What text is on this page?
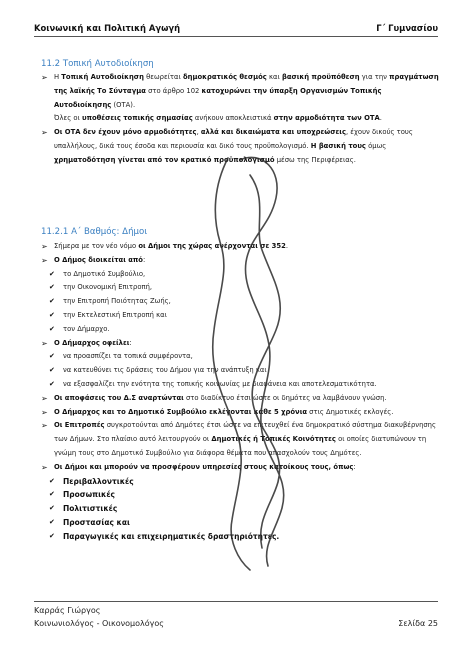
Κοινωνική και Πολιτική Αγωγή	Γ΄ Γυμνασίου
11.2 Τοπική Αυτοδιοίκηση

➢ Η Τοπική Αυτοδιοίκηση θεωρείται δημοκρατικός θεσμός και βασική προϋπόθεση για την πραγμάτωση της λαϊκής Το Σύνταγμα στο άρθρο 102 κατοχυρώνει την ύπαρξη Οργανισμών Τοπικής Αυτοδιοίκησης (ΟΤΑ).

Όλες οι υποθέσεις τοπικής σημασίας ανήκουν αποκλειστικά στην αρμοδιότητα των ΟΤΑ.

➢ Οι ΟΤΑ δεν έχουν μόνο αρμοδιότητες, αλλά και δικαιώματα και υποχρεώσεις, έχουν δικούς τους υπαλλήλους, δικά τους έσοδα και περιουσία και δικό τους προϋπολογισμό. Η βασική τους όμως χρηματοδότηση γίνεται από τον κρατικό προϋπολογισμό μέσω της Περιφέρειας.

11.2.1 Α΄ Βαθμός: Δήμοι

➢ Σήμερα με τον νέο νόμο οι Δήμοι της χώρας ανέρχονται σε 352.

➢ Ο Δήμος διοικείται από:

✔ το Δημοτικό Συμβούλιο,

✔ την Οικονομική Επιτροπή,

✔ την Επιτροπή Ποιότητας Ζωής,

✔ την Εκτελεστική Επιτροπή και

✔ τον Δήμαρχο.

➢ Ο Δήμαρχος οφείλει:

✔ να προασπίζει τα τοπικά συμφέροντα,

✔ να κατευθύνει τις δράσεις του Δήμου για την ανάπτυξη και

✔ να εξασφαλίζει την ενότητα της τοπικής κοινωνίας με διαφάνεια και αποτελεσματικότητα.

➢ Οι αποφάσεις του Δ.Σ αναρτώνται στο διαδίκτυο έτσι ώστε οι δημότες να λαμβάνουν γνώση.

➢ Ο Δήμαρχος και το Δημοτικό Συμβούλιο εκλέγονται κάθε 5 χρόνια στις Δημοτικές εκλογές.

➢ Οι Επιτροπές συγκροτούνται από Δημότες έτσι ώστε να επιτευχθεί ένα δημοκρατικό σύστημα διακυβέρνησης των Δήμων. Στο πλαίσιο αυτό λειτουργούν οι Δημοτικές ή Τοπικές Κοινότητες οι οποίες διατυπώνουν τη γνώμη τους στο Δημοτικό Συμβούλιο για διάφορα θέματα που απασχολούν τους Δημότες.

➢ Οι Δήμοι και μπορούν να προσφέρουν υπηρεσίες στους κατοίκους τους, όπως:

✔ Περιβαλλοντικές

✔ Προσωπικές

✔ Πολιτιστικές

✔ Προστασίας και

✔ Παραγωγικές και επιχειρηματικές δραστηριότητες.

Καρράς Γιώργος
Κοινωνιολόγος - Οικονομολόγος	Σελίδα 25
